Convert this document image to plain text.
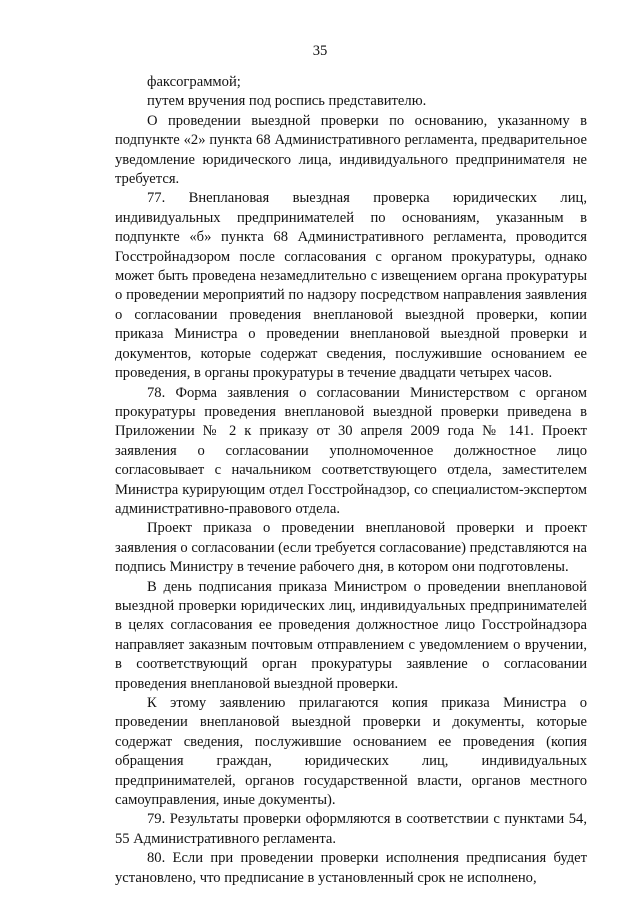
35

факсограммой;

путем вручения под роспись представителю.

О проведении выездной проверки по основанию, указанному в подпункте «2» пункта 68 Административного регламента, предварительное уведомление юридического лица, индивидуального предпринимателя не требуется.

77. Внеплановая выездная проверка юридических лиц, индивидуальных предпринимателей по основаниям, указанным в подпункте «б» пункта 68 Административного регламента, проводится Госстройнадзором после согласования с органом прокуратуры, однако может быть проведена незамедлительно с извещением органа прокуратуры о проведении мероприятий по надзору посредством направления заявления о согласовании проведения внеплановой выездной проверки, копии приказа Министра о проведении внеплановой выездной проверки и документов, которые содержат сведения, послужившие основанием ее проведения, в органы прокуратуры в течение двадцати четырех часов.

78. Форма заявления о согласовании Министерством с органом прокуратуры проведения внеплановой выездной проверки приведена в Приложении № 2 к приказу от 30 апреля 2009 года № 141. Проект заявления о согласовании уполномоченное должностное лицо согласовывает с начальником соответствующего отдела, заместителем Министра курирующим отдел Госстройнадзор, со специалистом-экспертом административно-правового отдела.

Проект приказа о проведении внеплановой проверки и проект заявления о согласовании (если требуется согласование) представляются на подпись Министру в течение рабочего дня, в котором они подготовлены.

В день подписания приказа Министром о проведении внеплановой выездной проверки юридических лиц, индивидуальных предпринимателей в целях согласования ее проведения должностное лицо Госстройнадзора направляет заказным почтовым отправлением с уведомлением о вручении, в соответствующий орган прокуратуры заявление о согласовании проведения внеплановой выездной проверки.

К этому заявлению прилагаются копия приказа Министра о проведении внеплановой выездной проверки и документы, которые содержат сведения, послужившие основанием ее проведения (копия обращения граждан, юридических лиц, индивидуальных предпринимателей, органов государственной власти, органов местного самоуправления, иные документы).

79. Результаты проверки оформляются в соответствии с пунктами 54, 55 Административного регламента.

80. Если при проведении проверки исполнения предписания будет установлено, что предписание в установленный срок не исполнено,
